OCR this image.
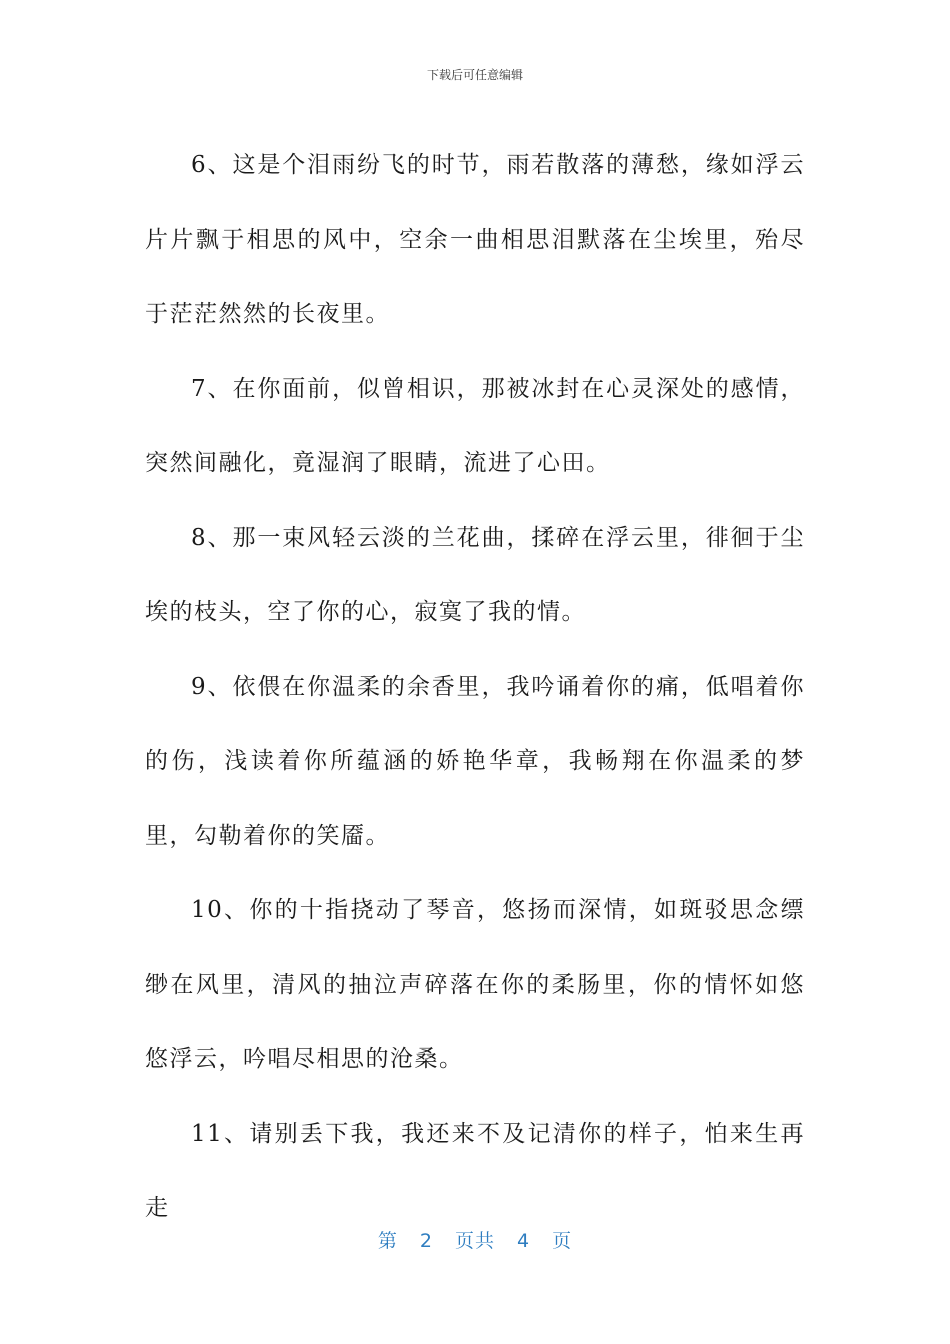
下载后可任意编辑

6、这是个泪雨纷飞的时节，雨若散落的薄愁，缘如浮云片片飘于相思的风中，空余一曲相思泪默落在尘埃里，殆尽于茫茫然然的长夜里。

7、在你面前，似曾相识，那被冰封在心灵深处的感情，突然间融化，竟湿润了眼睛，流进了心田。

8、那一束风轻云淡的兰花曲，揉碎在浮云里，徘徊于尘埃的枝头，空了你的心，寂寞了我的情。

9、依偎在你温柔的余香里，我吟诵着你的痛，低唱着你的伤，浅读着你所蕴涵的娇艳华章，我畅翔在你温柔的梦里，勾勒着你的笑靥。

10、你的十指挠动了琴音，悠扬而深情，如斑驳思念缥缈在风里，清风的抽泣声碎落在你的柔肠里，你的情怀如悠悠浮云，吟唱尽相思的沧桑。

11、请别丢下我，我还来不及记清你的样子，怕来生再走

第 2 页共 4 页
